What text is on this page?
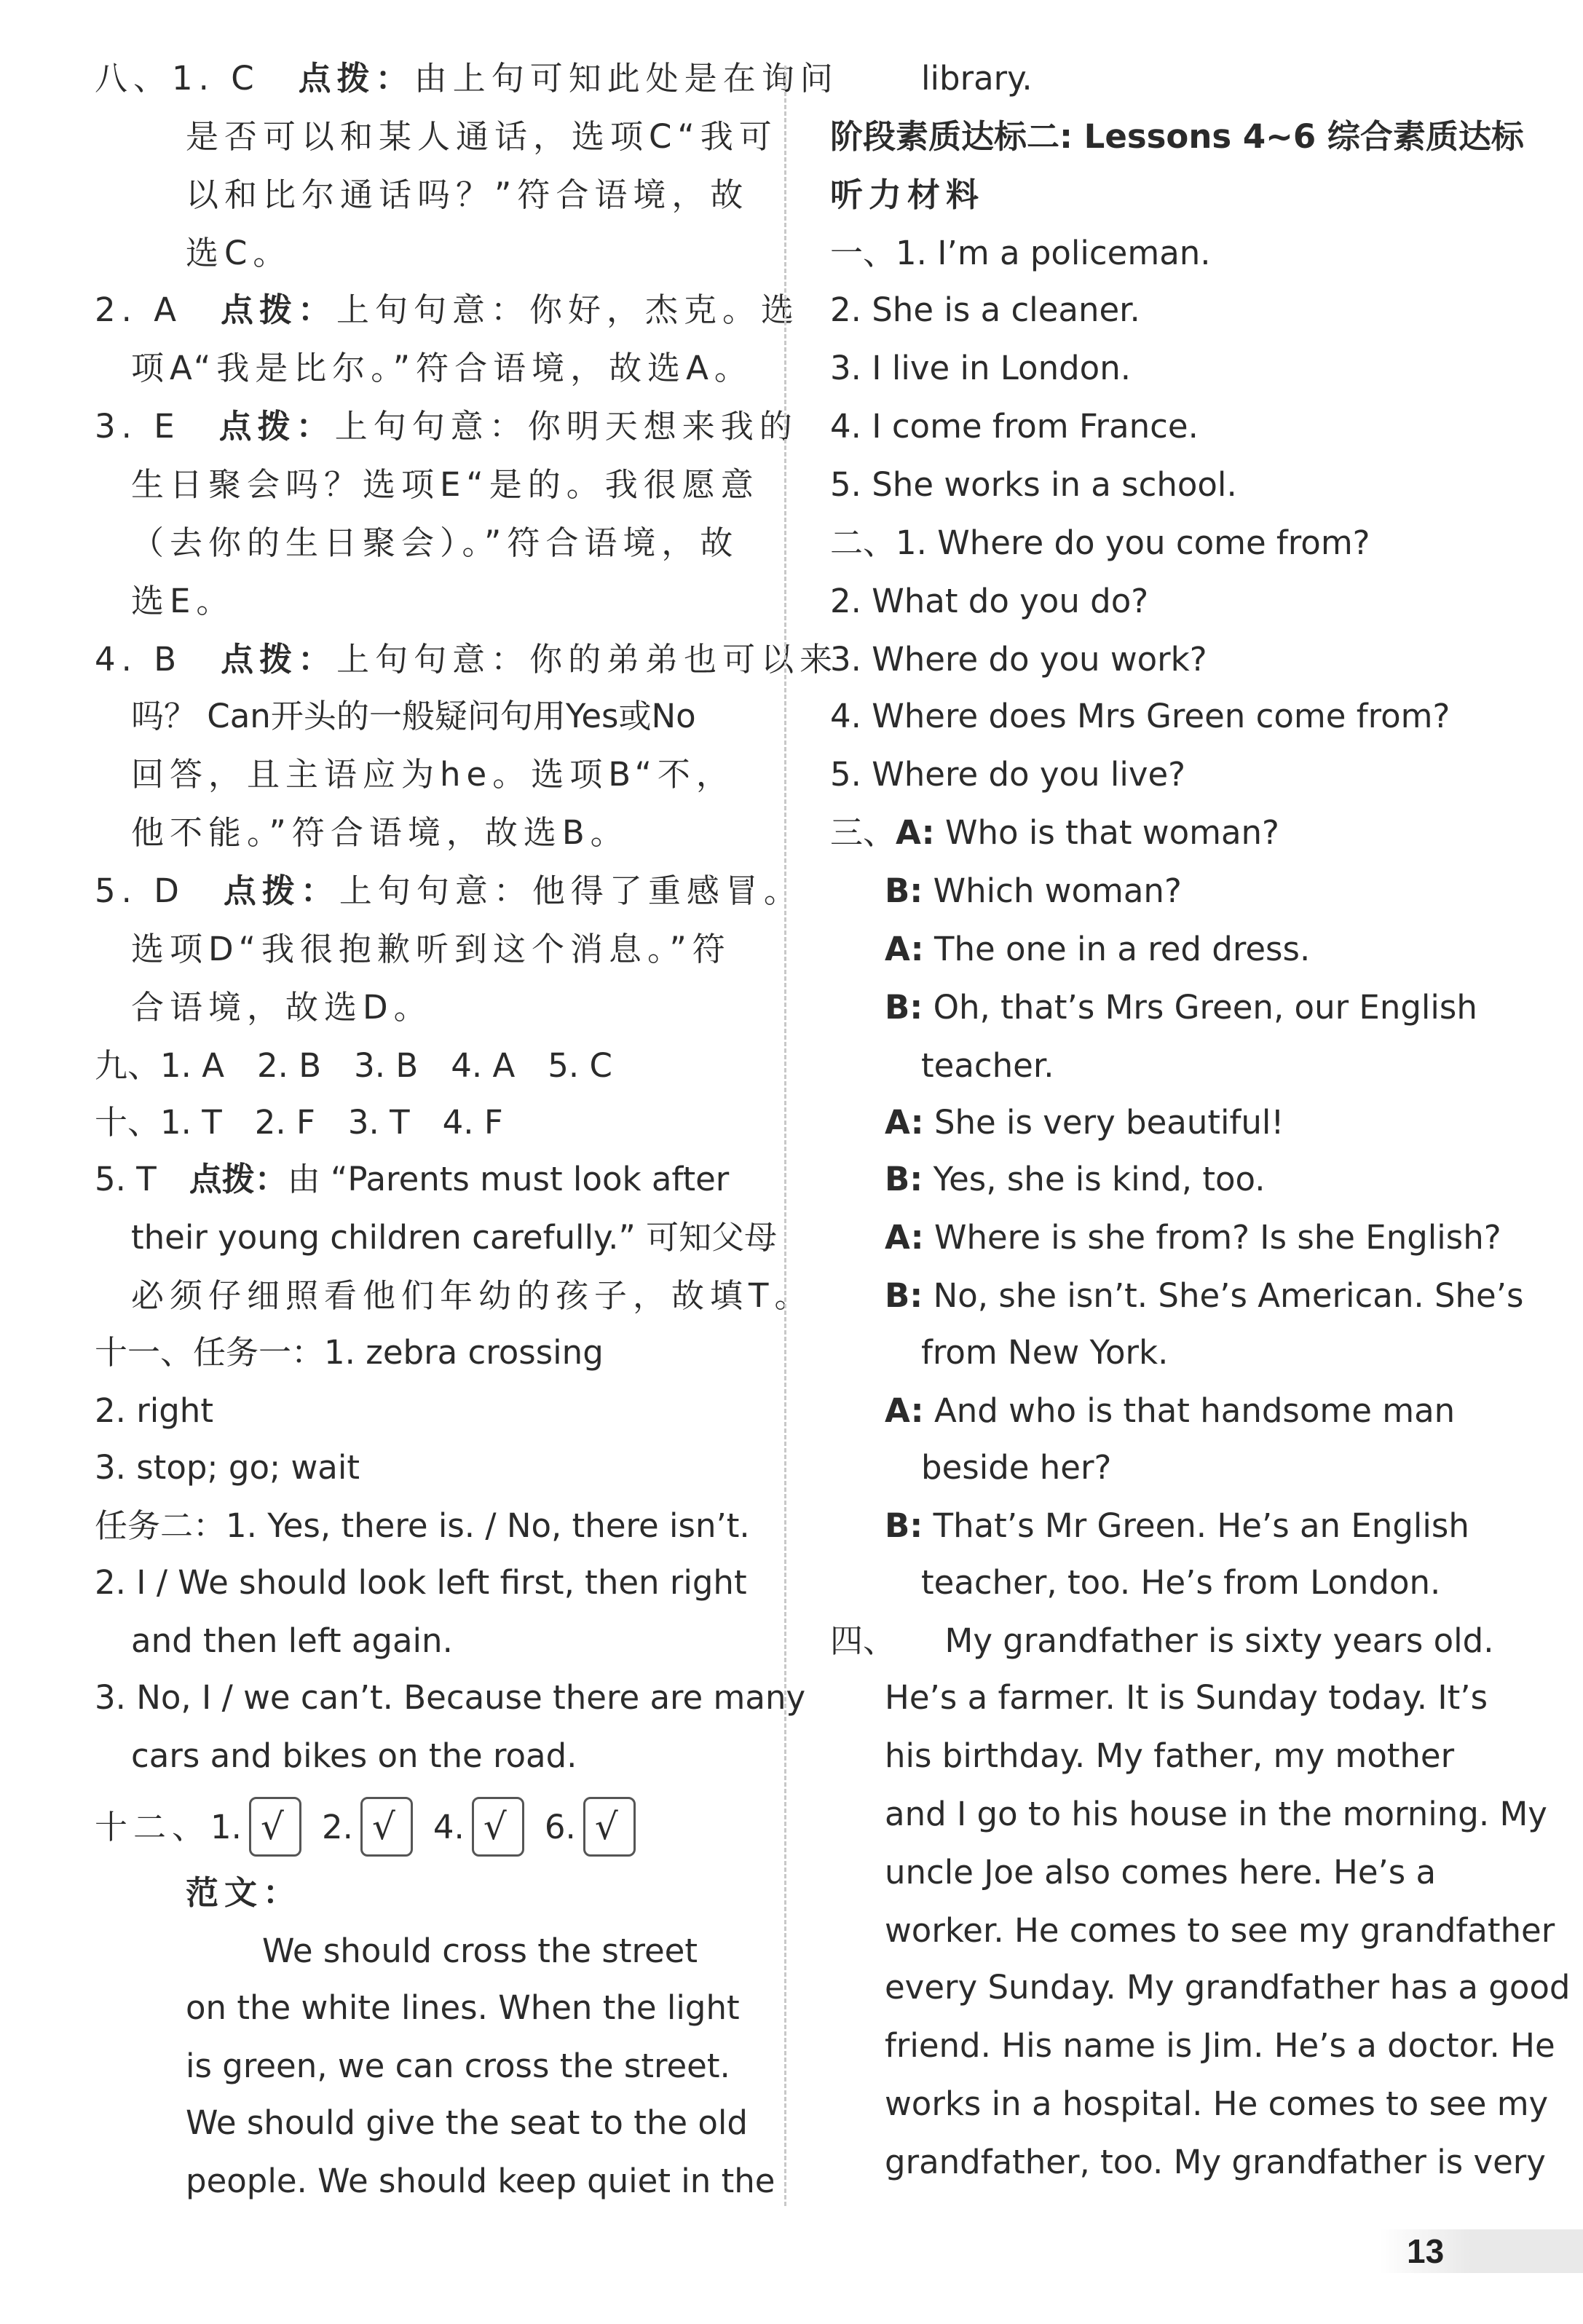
八、1. C　点拨：由上句可知此处是在询问
是否可以和某人通话，选项C“我可
以和比尔通话吗？”符合语境，故
选C。
2. A　点拨：上句句意：你好，杰克。选
项A“我是比尔。”符合语境，故选A。
3. E　点拨：上句句意：你明天想来我的
生日聚会吗？选项E“是的。我很愿意
（去你的生日聚会）。”符合语境，故
选E。
4. B　点拨：上句句意：你的弟弟也可以来
吗？ Can开头的一般疑问句用Yes或No
回答，且主语应为he。选项B“不，
他不能。”符合语境，故选B。
5. D　点拨：上句句意：他得了重感冒。
选项D“我很抱歉听到这个消息。”符
合语境，故选D。
九、1. A　2. B　3. B　4. A　5. C
十、1. T　2. F　3. T　4. F
5. T　点拨：由 “Parents must look after
their young children carefully.” 可知父母
必须仔细照看他们年幼的孩子，故填T。
十一、任务一：1. zebra crossing
2. right
3. stop; go; wait
任务二：1. Yes, there is. / No, there isn’t.
2. I / We should look left first, then right
and then left again.
3. No, I / we can’t. Because there are many
cars and bikes on the road.
范文：
We should cross the street
on the white lines. When the light
is green, we can cross the street.
We should give the seat to the old
people. We should keep quiet in the
十二、1. √ 2. √ 4. √ 6. √
library.
阶段素质达标二: Lessons 4~6 综合素质达标
听力材料
一、1. I’m a policeman.
2. She is a cleaner.
3. I live in London.
4. I come from France.
5. She works in a school.
二、1. Where do you come from?
2. What do you do?
3. Where do you work?
4. Where does Mrs Green come from?
5. Where do you live?
三、A: Who is that woman?
B: Which woman?
A: The one in a red dress.
B: Oh, that’s Mrs Green, our English
teacher.
A: She is very beautiful!
B: Yes, she is kind, too.
A: Where is she from? Is she English?
B: No, she isn’t. She’s American. She’s
from New York.
A: And who is that handsome man
beside her?
B: That’s Mr Green. He’s an English
teacher, too. He’s from London.
四、　　My grandfather is sixty years old.
He’s a farmer. It is Sunday today. It’s
his birthday. My father, my mother
and I go to his house in the morning. My
uncle Joe also comes here. He’s a
worker. He comes to see my grandfather
every Sunday. My grandfather has a good
friend. His name is Jim. He’s a doctor. He
works in a hospital. He comes to see my
grandfather, too. My grandfather is very
13
